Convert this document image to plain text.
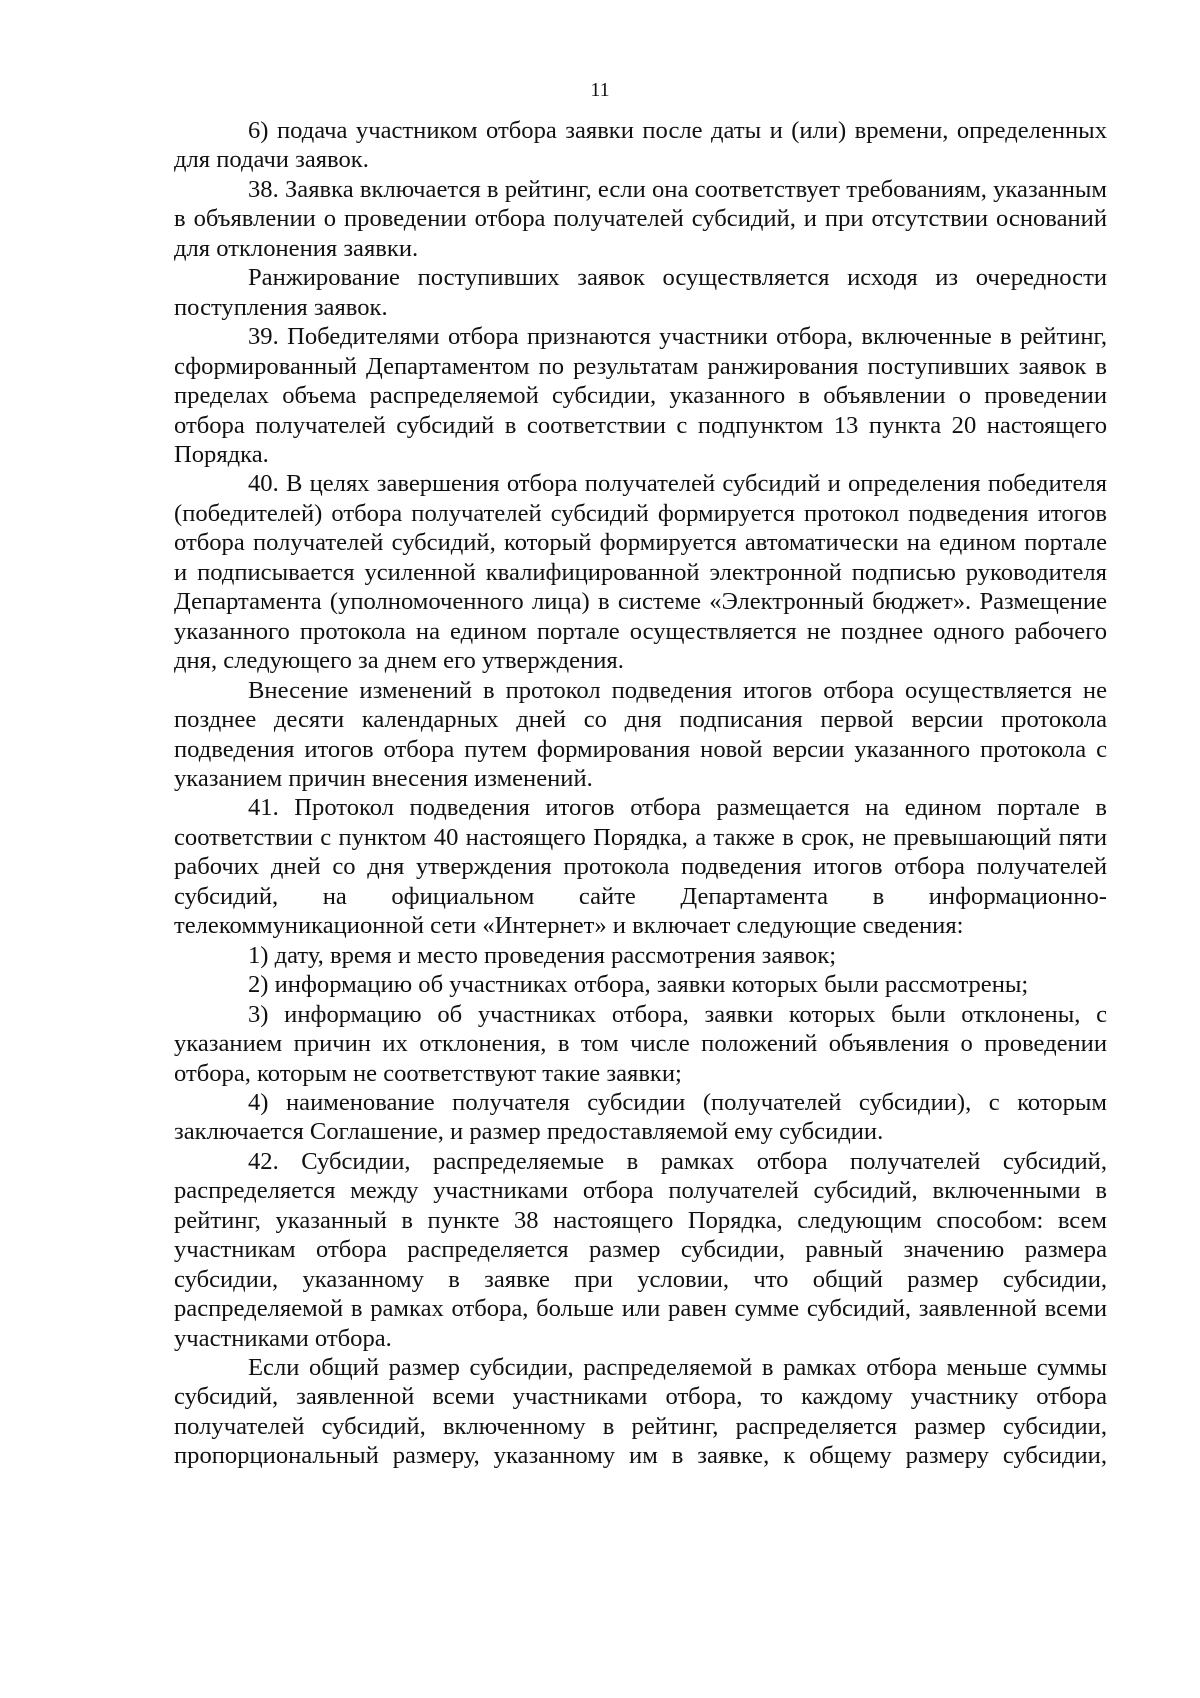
11

6) подача участником отбора заявки после даты и (или) времени, определенных для подачи заявок.

38. Заявка включается в рейтинг, если она соответствует требованиям, указанным в объявлении о проведении отбора получателей субсидий, и при отсутствии оснований для отклонения заявки.

Ранжирование поступивших заявок осуществляется исходя из очередности поступления заявок.

39. Победителями отбора признаются участники отбора, включенные в рейтинг, сформированный Департаментом по результатам ранжирования поступивших заявок в пределах объема распределяемой субсидии, указанного в объявлении о проведении отбора получателей субсидий в соответствии с подпунктом 13 пункта 20 настоящего Порядка.

40. В целях завершения отбора получателей субсидий и определения победителя (победителей) отбора получателей субсидий формируется протокол подведения итогов отбора получателей субсидий, который формируется автоматически на едином портале и подписывается усиленной квалифицированной электронной подписью руководителя Департамента (уполномоченного лица) в системе «Электронный бюджет». Размещение указанного протокола на едином портале осуществляется не позднее одного рабочего дня, следующего за днем его утверждения.

Внесение изменений в протокол подведения итогов отбора осуществляется не позднее десяти календарных дней со дня подписания первой версии протокола подведения итогов отбора путем формирования новой версии указанного протокола с указанием причин внесения изменений.

41. Протокол подведения итогов отбора размещается на едином портале в соответствии с пунктом 40 настоящего Порядка, а также в срок, не превышающий пяти рабочих дней со дня утверждения протокола подведения итогов отбора получателей субсидий, на официальном сайте Департамента в информационно-телекоммуникационной сети «Интернет» и включает следующие сведения:

1) дату, время и место проведения рассмотрения заявок;

2) информацию об участниках отбора, заявки которых были рассмотрены;

3) информацию об участниках отбора, заявки которых были отклонены, с указанием причин их отклонения, в том числе положений объявления о проведении отбора, которым не соответствуют такие заявки;

4) наименование получателя субсидии (получателей субсидии), с которым заключается Соглашение, и размер предоставляемой ему субсидии.

42. Субсидии, распределяемые в рамках отбора получателей субсидий, распределяется между участниками отбора получателей субсидий, включенными в рейтинг, указанный в пункте 38 настоящего Порядка, следующим способом: всем участникам отбора распределяется размер субсидии, равный значению размера субсидии, указанному в заявке при условии, что общий размер субсидии, распределяемой в рамках отбора, больше или равен сумме субсидий, заявленной всеми участниками отбора.

Если общий размер субсидии, распределяемой в рамках отбора меньше суммы субсидий, заявленной всеми участниками отбора, то каждому участнику отбора получателей субсидий, включенному в рейтинг, распределяется размер субсидии, пропорциональный размеру, указанному им в заявке, к общему размеру субсидии,
